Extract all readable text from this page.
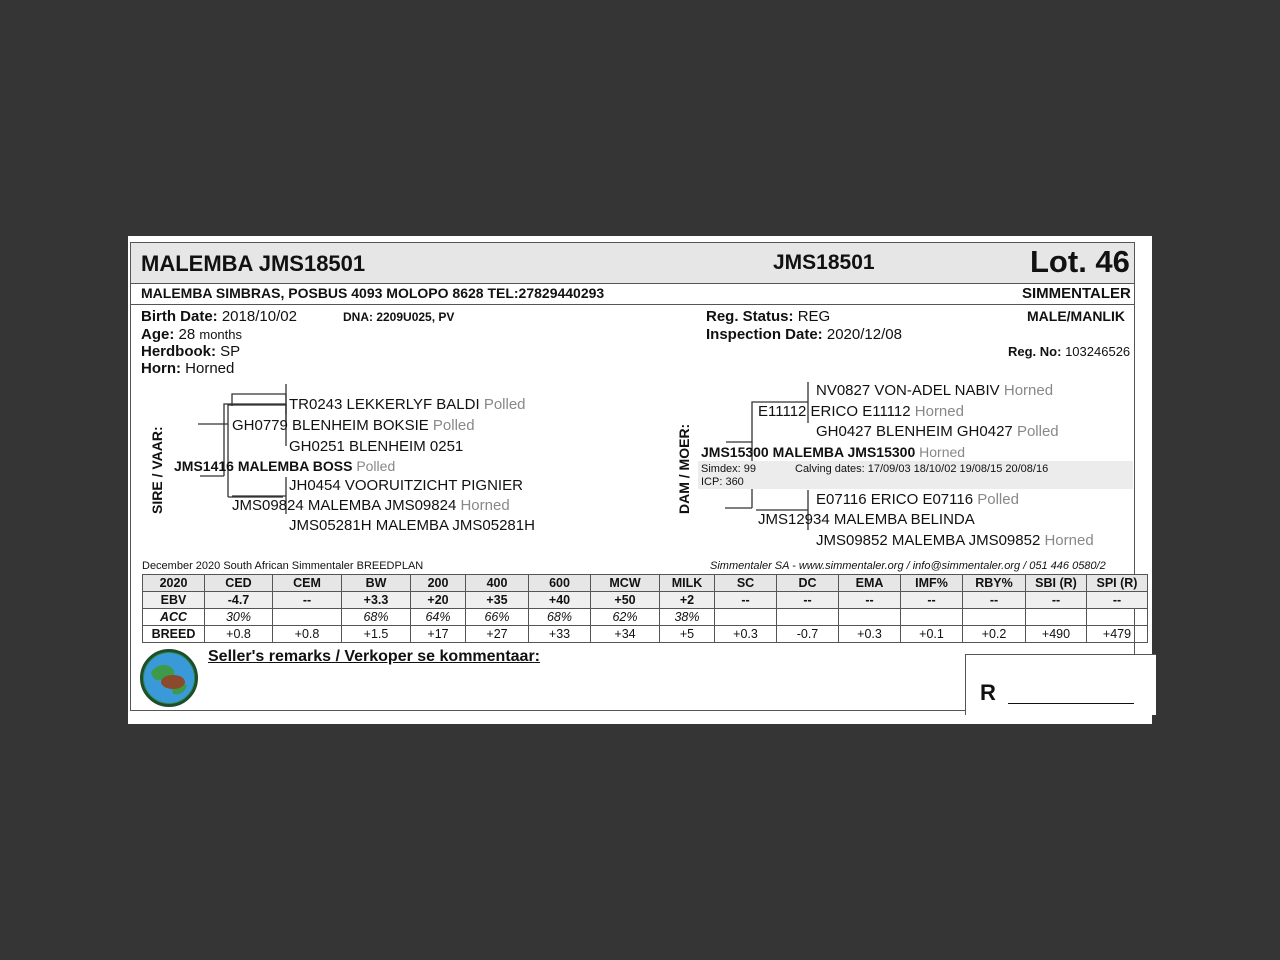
MALEMBA JMS18501	JMS18501	Lot. 46
MALEMBA SIMBRAS, POSBUS 4093 MOLOPO 8628 TEL:27829440293	SIMMENTALER
Birth Date: 2018/10/02	DNA: 2209U025, PV
Age: 28 months
Herdbook: SP
Horn: Horned
Reg. Status: REG
Inspection Date: 2020/12/08
MALE/MANLIK
Reg. No: 103246526
SIRE / VAAR:
TR0243 LEKKERLYF BALDI Polled
GH0779 BLENHEIM BOKSIE Polled
GH0251 BLENHEIM 0251
JMS1416 MALEMBA BOSS Polled
JH0454 VOORUITZICHT PIGNIER
JMS09824 MALEMBA JMS09824 Horned
JMS05281H MALEMBA JMS05281H
DAM / MOER:
NV0827 VON-ADEL NABIV Horned
E11112 ERICO E11112 Horned
GH0427 BLENHEIM GH0427 Polled
JMS15300 MALEMBA JMS15300 Horned
Simdex: 99	Calving dates: 17/09/03 18/10/02 19/08/15 20/08/16
ICP: 360
E07116 ERICO E07116 Polled
JMS12934 MALEMBA BELINDA
JMS09852 MALEMBA JMS09852 Horned
December 2020 South African Simmentaler BREEDPLAN	Simmentaler SA - www.simmentaler.org / info@simmentaler.org / 051 446 0580/2
2020	CED	CEM	BW	200	400	600	MCW	MILK	SC	DC	EMA	IMF%	RBY%	SBI (R)	SPI (R)
EBV	-4.7	--	+3.3	+20	+35	+40	+50	+2	--	--	--	--	--	--	--
ACC	30%		68%	64%	66%	68%	62%	38%							
BREED	+0.8	+0.8	+1.5	+17	+27	+33	+34	+5	+0.3	-0.7	+0.3	+0.1	+0.2	+490	+479
Seller's remarks / Verkoper se kommentaar:
R
